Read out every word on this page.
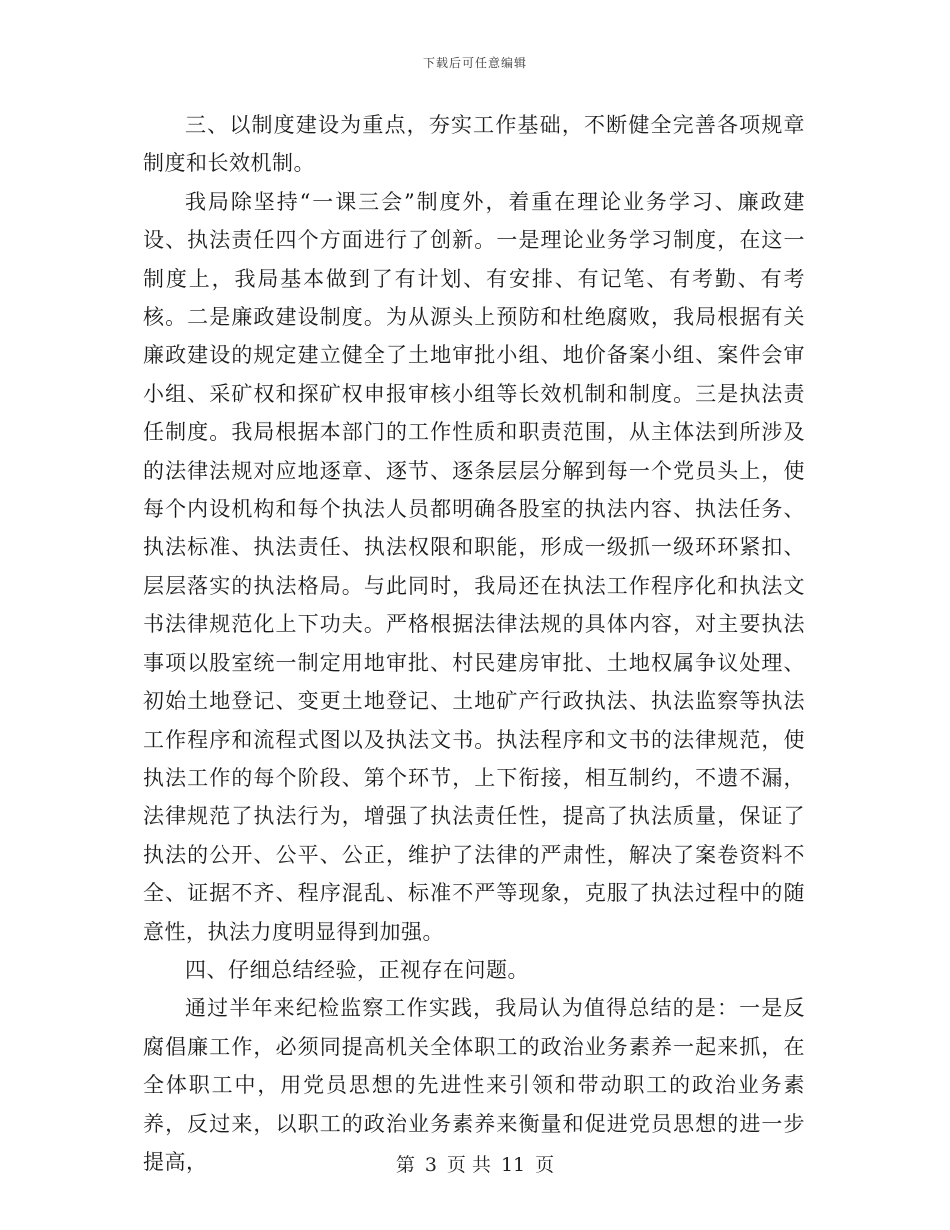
下载后可任意编辑

三、以制度建设为重点，夯实工作基础，不断健全完善各项规章制度和长效机制。

我局除坚持“一课三会”制度外，着重在理论业务学习、廉政建设、执法责任四个方面进行了创新。一是理论业务学习制度，在这一制度上，我局基本做到了有计划、有安排、有记笔、有考勤、有考核。二是廉政建设制度。为从源头上预防和杜绝腐败，我局根据有关廉政建设的规定建立健全了土地审批小组、地价备案小组、案件会审小组、采矿权和探矿权申报审核小组等长效机制和制度。三是执法责任制度。我局根据本部门的工作性质和职责范围，从主体法到所涉及的法律法规对应地逐章、逐节、逐条层层分解到每一个党员头上，使每个内设机构和每个执法人员都明确各股室的执法内容、执法任务、执法标准、执法责任、执法权限和职能，形成一级抓一级环环紧扣、层层落实的执法格局。与此同时，我局还在执法工作程序化和执法文书法律规范化上下功夫。严格根据法律法规的具体内容，对主要执法事项以股室统一制定用地审批、村民建房审批、土地权属争议处理、初始土地登记、变更土地登记、土地矿产行政执法、执法监察等执法工作程序和流程式图以及执法文书。执法程序和文书的法律规范，使执法工作的每个阶段、第个环节，上下衔接，相互制约，不遗不漏，法律规范了执法行为，增强了执法责任性，提高了执法质量，保证了执法的公开、公平、公正，维护了法律的严肃性，解决了案卷资料不全、证据不齐、程序混乱、标准不严等现象，克服了执法过程中的随意性，执法力度明显得到加强。

四、仔细总结经验，正视存在问题。

通过半年来纪检监察工作实践，我局认为值得总结的是：一是反腐倡廉工作，必须同提高机关全体职工的政治业务素养一起来抓，在全体职工中，用党员思想的先进性来引领和带动职工的政治业务素养，反过来，以职工的政治业务素养来衡量和促进党员思想的进一步提高，	第 3 页 共 11 页
